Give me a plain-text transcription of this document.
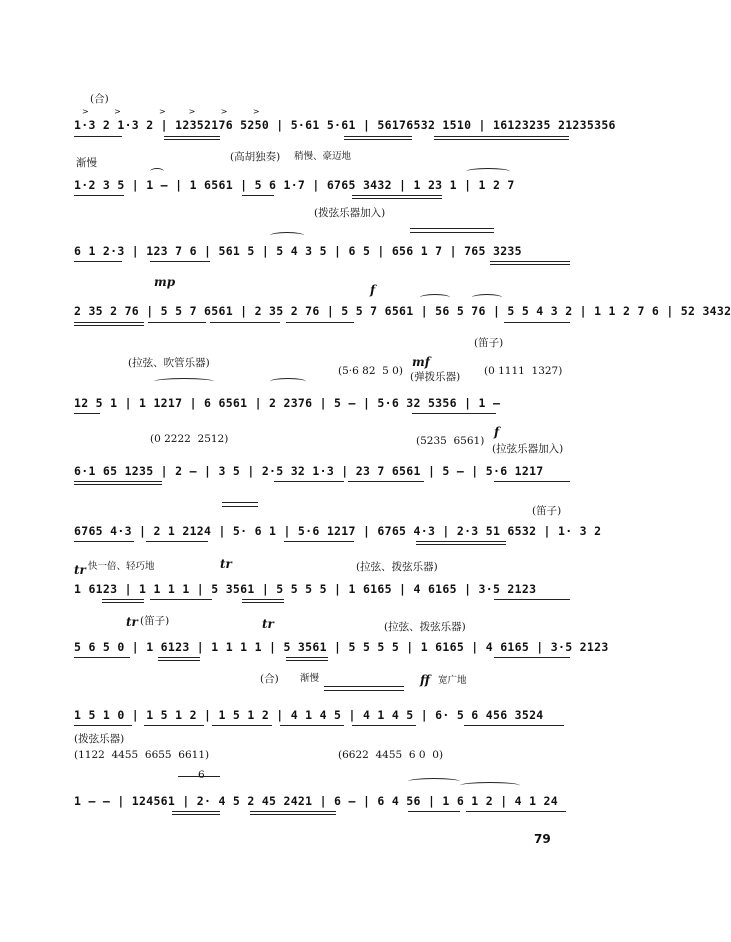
(合)
>          >               >         >          >          >
1·3 2 1·3 2 | 12352176 5250 | 5·61 5·61 | 56176532 1510 | 16123235 21235356
渐慢	(高胡独奏) 稍慢、豪迈地
1·2 3 5 | 1 — | 1 6561 | 5 6 1·7 | 6765 3432 | 1 23 1 | 1 2 7
(拨弦乐器加入)
6 1 2·3 | 123 7 6 | 561 5 | 5 4 3 5 | 6 5 | 656 1 7 | 765 3235
mp
f
2 35 2 76 | 5 5 7 6561 | 2 35 2 76 | 5 5 7 6561 | 56 5 76 | 5 5 4 3 2 | 1 1 2 7 6 | 52 3432
(笛子)
(拉弦、吹管乐器)
(5·6 82  5 0)
mf
(弹拨乐器) (0 1111  1327)
12 5 1 | 1 1217 | 6 6561 | 2 2376 | 5 — | 5·6 32 5356 | 1 —
(0 2222  2512)	(5235  6561)
f
(拉弦乐器加入)
6·1 65 1235 | 2 — | 3 5 | 2·5 32 1·3 | 23 7 6561 | 5 — | 5·6 1217
(笛子)
6765 4·3 | 2 1 2124 | 5· 6 1 | 5·6 1217 | 6765 4·3 | 2·3 51 6532 | 1· 3 2
tr 快一倍、轻巧地	tr	(拉弦、拨弦乐器)
1 6123 | 1 1 1 1 | 5 3561 | 5 5 5 5 | 1 6165 | 4 6165 | 3·5 2123
tr (笛子)	tr	(拉弦、拨弦乐器)
5 6 5 0 | 1 6123 | 1 1 1 1 | 5 3561 | 5 5 5 5 | 1 6165 | 4 6165 | 3·5 2123
(合) 渐慢	ff 宽广地
1 5 1 0 | 1 5 1 2 | 1 5 1 2 | 4 1 4 5 | 4 1 4 5 | 6· 5 6 456 3524
(拨弦乐器)
(1122  4455  6655  6611)	(6622  4455  6 0  0)
6
1 — — | 124561 | 2· 4 5 2 45 2421 | 6 — | 6 4 56 | 1 6 1 2 | 4 1 24
79
